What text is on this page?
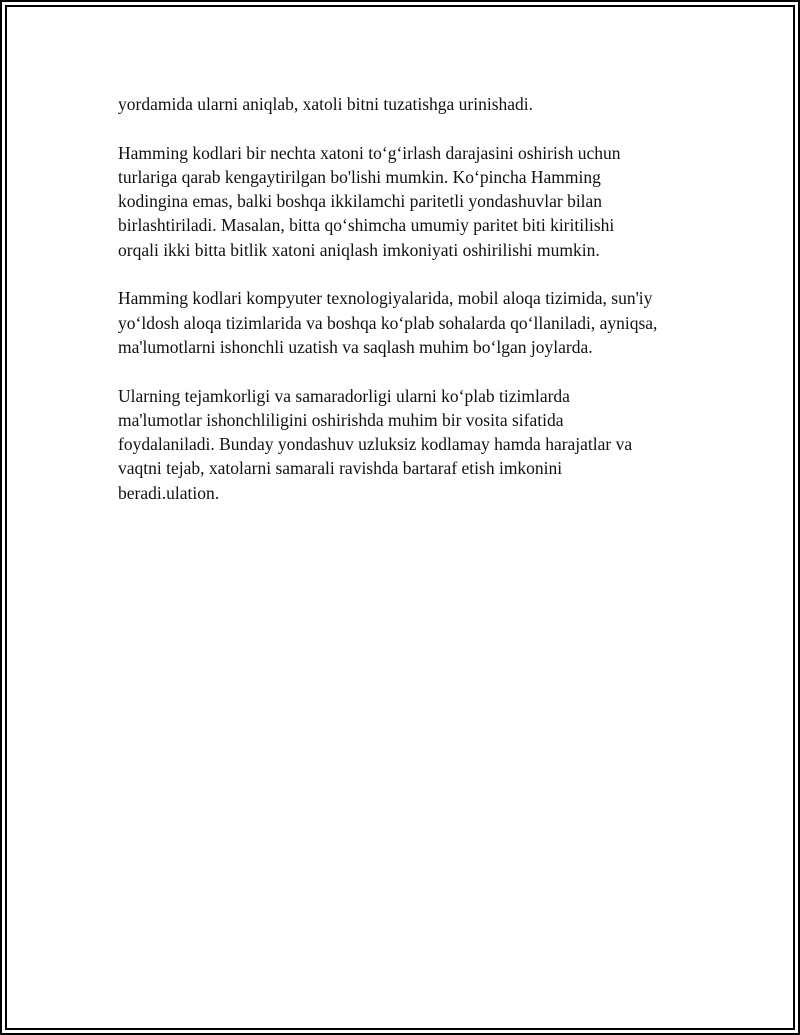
yordamida ularni aniqlab, xatoli bitni tuzatishga urinishadi.

Hamming kodlari bir nechta xatoni to‘g‘irlash darajasini oshirish uchun
turlariga qarab kengaytirilgan bo'lishi mumkin. Ko‘pincha Hamming
kodingina emas, balki boshqa ikkilamchi paritetli yondashuvlar bilan
birlashtiriladi. Masalan, bitta qo‘shimcha umumiy paritet biti kiritilishi
orqali ikki bitta bitlik xatoni aniqlash imkoniyati oshirilishi mumkin.

Hamming kodlari kompyuter texnologiyalarida, mobil aloqa tizimida, sun'iy
yo‘ldosh aloqa tizimlarida va boshqa ko‘plab sohalarda qo‘llaniladi, ayniqsa,
ma'lumotlarni ishonchli uzatish va saqlash muhim bo‘lgan joylarda.

Ularning tejamkorligi va samaradorligi ularni ko‘plab tizimlarda
ma'lumotlar ishonchliligini oshirishda muhim bir vosita sifatida
foydalaniladi. Bunday yondashuv uzluksiz kodlamay hamda harajatlar va
vaqtni tejab, xatolarni samarali ravishda bartaraf etish imkonini
beradi.ulation.
